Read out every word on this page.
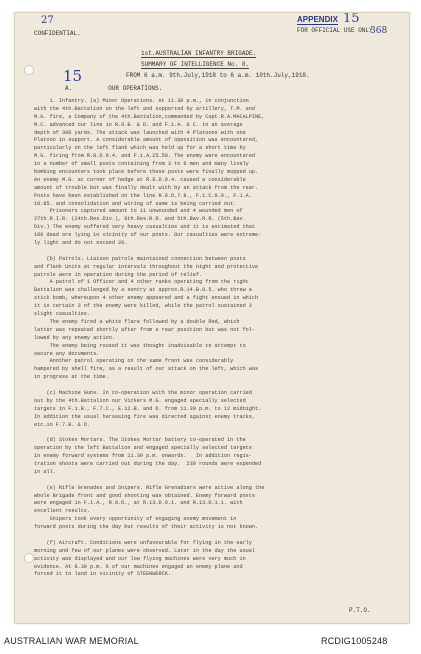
27
15
15
368
APPENDIX
CONFIDENTIAL.	FOR OFFICIAL USE ONLY.
1st.AUSTRALIAN INFANTRY BRIGADE.
SUMMARY OF INTELLIGENCE No. 8.
FROM 6 a.m. 9th.July,1918 to 6 a.m. 10th.July,1918.
A.          OUR OPERATIONS.
1. Infantry. (a) Minor Operations. At 11.30 p.m., in conjunction
with the 4th.Battalion on the left and supported by artillery, T.M. and
M.G. fire, a Company of the 4th.Battalion,commanded by Capt.R.A.MACALPINE,
M.C. advanced our line in R.8.B. & D. and F.1.A. & C. to an average
depth of 300 yards. The attack was launched with 4 Platoons with one
Platoon in support. A considerable amount of opposition was encountered,
particularly on the left flank which was held up for a short time by
M.G. firing from R.8.D.9.4. and F.1.A.25.50. The enemy were encountered
in a number of small posts containing from 3 to 6 men and many lively
bombing encounters took place before these posts were finally mopped up.
An enemy M.G. at corner of hedge at R.8.D.9.4. caused a considerable
amount of trouble but was finally dealt with by an attack from the rear.
Posts have been established on the line R.8.D.7.8., F.1.C.9.9., F.1.A.
10.85. and consolidation and wiring of same is being carried out.
Prisoners captured amount to 11 unwounded and 4 wounded men of
27th.R.I.R. (24th.Res.Div.), 8th.Res.R.R. and 5th.Bav.R.R. (5th.Bav.
Div.) The enemy suffered very heavy casualties and it is estimated that
100 dead are lying in vicinity of our posts. Our casualties were extreme-
ly light and do not exceed 20.
(b) Patrols. Liaison patrols maintained connection between posts
and flank Units at regular intervals throughout the night and protective
patrols were in operation during the period of relief.
A patrol of 1 Officer and 4 other ranks operating from the right
Battalion was challenged by a sentry at approx.R.14.B.0.5. who threw a
stick bomb, whereupon 4 other enemy appeared and a fight ensued in which
it is certain 3 of the enemy were killed, while the patrol sustained 3
slight casualties.
The enemy fired a white flare followed by a double Red, which
latter was repeated shortly after from a rear position but was not fol-
lowed by any enemy action.
The enemy being roused it was thought inadvisable to attempt to
secure any documents.
Another patrol operating on the same front was considerably
hampered by shell fire, as a result of our attack on the left, which was
in progress at the time.
(c) Machine Guns. In co-operation with the minor operation carried
out by the 4th.Battalion our Vickers M.G. engaged specially selected
targets in F.1.B., F.7.C., E.12.B. and D. from 11.30 p.m. to 12 midnight.
In addition the usual harassing fire was directed against enemy tracks,
etc.in F.7.B. & D.
(d) Stokes Mortars. The Stokes Mortar battery co-operated in the
operation by the left Battalion and engaged specially selected targets
in enemy forward systems from 11.30 p.m. onwards.   In addition regis-
tration shoots were carried out during the day.  230 rounds were expended
in all.
(e) Rifle Grenades and Snipers. Rifle Grenadiers were active along the
whole Brigade front and good shooting was obtained. Enemy forward posts
were engaged in F.1.A., R.8.D., at R.13.D.9.1. and R.13.D.1.1. with
excellent results.
Snipers took every opportunity of engaging enemy movement in
forward posts during the day but results of their activity is not known.
(f) Aircraft. Conditions were unfavourable for flying in the early
morning and few of our planes were observed. Later in the day the usual
activity was displayed and our low flying machines were very much in
evidence. At 8.30 p.m. 6 of our machines engaged an enemy plane and
forced it to land in vicinity of STEENWERCK.
P.T.O.
AUSTRALIAN WAR MEMORIAL	RCDIG1005248
